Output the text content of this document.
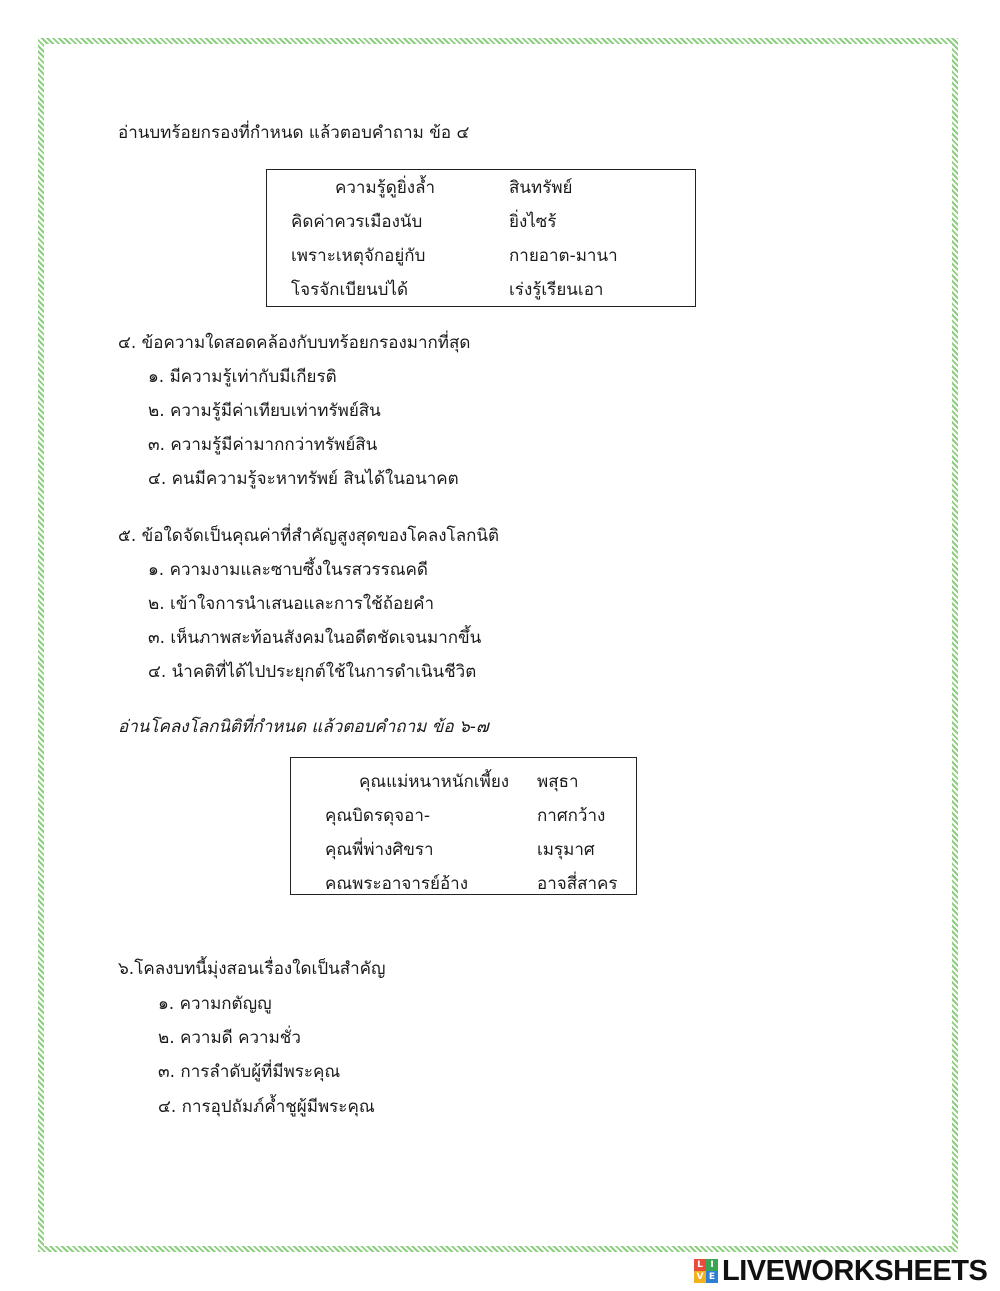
อ่านบทร้อยกรองที่กำหนด แล้วตอบคำถาม ข้อ ๔
ความรู้ดูยิ่งล้ำ	สินทรัพย์
คิดค่าควรเมืองนับ	ยิ่งไซร้
เพราะเหตุจักอยู่กับ	กายอาต-มานา
โจรจักเบียนบ่ได้	เร่งรู้เรียนเอา
๔. ข้อความใดสอดคล้องกับบทร้อยกรองมากที่สุด
๑. มีความรู้เท่ากับมีเกียรติ
๒. ความรู้มีค่าเทียบเท่าทรัพย์สิน
๓. ความรู้มีค่ามากกว่าทรัพย์สิน
๔. คนมีความรู้จะหาทรัพย์ สินได้ในอนาคต
๕. ข้อใดจัดเป็นคุณค่าที่สำคัญสูงสุดของโคลงโลกนิติ
๑. ความงามและซาบซึ้งในรสวรรณคดี
๒. เข้าใจการนำเสนอและการใช้ถ้อยคำ
๓. เห็นภาพสะท้อนสังคมในอดีตชัดเจนมากขึ้น
๔. นำคติที่ได้ไปประยุกต์ใช้ในการดำเนินชีวิต
อ่านโคลงโลกนิติที่กำหนด แล้วตอบคำถาม ข้อ ๖-๗
คุณแม่หนาหนักเพี้ยง พสุธา
คุณบิดรดุจอา-	กาศกว้าง
คุณพี่พ่างศิขรา	เมรุมาศ
คณพระอาจารย์อ้าง	อาจสี่สาคร
๖.โคลงบทนี้มุ่งสอนเรื่องใดเป็นสำคัญ
๑. ความกตัญญู
๒. ความดี ความชั่ว
๓. การลำดับผู้ที่มีพระคุณ
๔. การอุปถัมภ์ค้ำชูผู้มีพระคุณ
L I
V E LIVEWORKSHEETS
